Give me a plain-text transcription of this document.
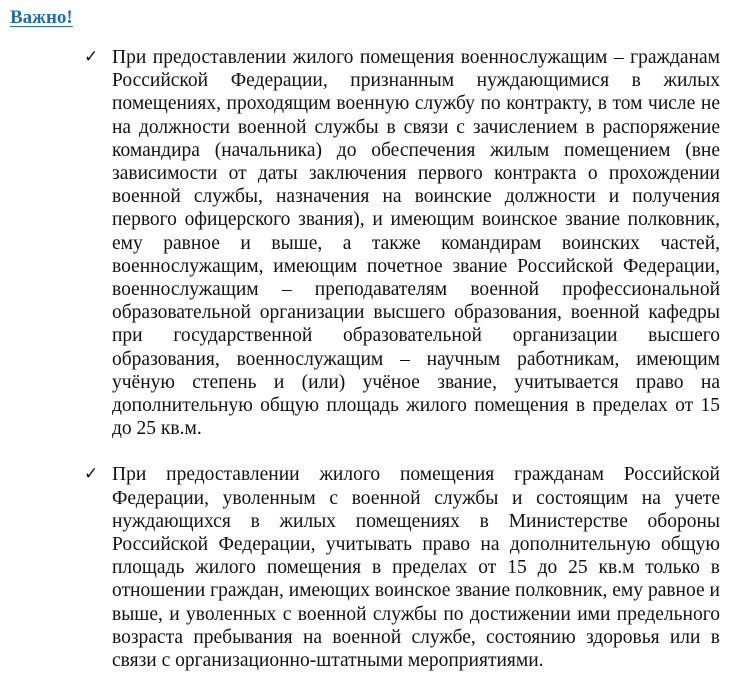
Важно!
✓ При предоставлении жилого помещения военнослужащим – гражданам Российской Федерации, признанным нуждающимися в жилых помещениях, проходящим военную службу по контракту, в том числе не на должности военной службы в связи с зачислением в распоряжение командира (начальника) до обеспечения жилым помещением (вне зависимости от даты заключения первого контракта о прохождении военной службы, назначения на воинские должности и получения первого офицерского звания), и имеющим воинское звание полковник, ему равное и выше, а также командирам воинских частей, военнослужащим, имеющим почетное звание Российской Федерации, военнослужащим – преподавателям военной профессиональной образовательной организации высшего образования, военной кафедры при государственной образовательной организации высшего образования, военнослужащим – научным работникам, имеющим учёную степень и (или) учёное звание, учитывается право на дополнительную общую площадь жилого помещения в пределах от 15 до 25 кв.м.
✓ При предоставлении жилого помещения гражданам Российской Федерации, уволенным с военной службы и состоящим на учете нуждающихся в жилых помещениях в Министерстве обороны Российской Федерации, учитывать право на дополнительную общую площадь жилого помещения в пределах от 15 до 25 кв.м только в отношении граждан, имеющих воинское звание полковник, ему равное и выше, и уволенных с военной службы по достижении ими предельного возраста пребывания на военной службе, состоянию здоровья или в связи с организационно-штатными мероприятиями.
